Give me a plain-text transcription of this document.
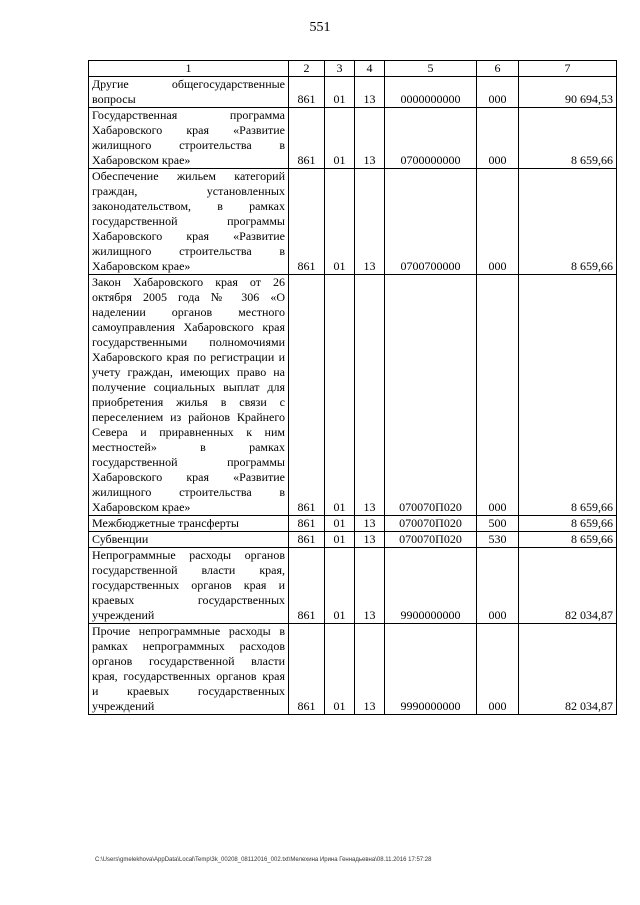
551
1	2	3	4	5	6	7

Другие общегосударственные вопросы	861	01	13	0000000000	000	90 694,53

Государственная программа Хабаровского края «Развитие жилищного строительства в Хабаровском крае»	861	01	13	0700000000	000	8 659,66

Обеспечение жильем категорий граждан, установленных законодательством, в рамках государственной программы Хабаровского края «Развитие жилищного строительства в Хабаровском крае»	861	01	13	0700700000	000	8 659,66

Закон Хабаровского края от 26 октября 2005 года № 306 «О наделении органов местного самоуправления Хабаровского края государственными полномочиями Хабаровского края по регистрации и учету граждан, имеющих право на получение социальных выплат для приобретения жилья в связи с переселением из районов Крайнего Севера и приравненных к ним местностей» в рамках государственной программы Хабаровского края «Развитие жилищного строительства в Хабаровском крае»	861	01	13	070070П020	000	8 659,66

Межбюджетные трансферты	861	01	13	070070П020	500	8 659,66

Субвенции	861	01	13	070070П020	530	8 659,66

Непрограммные расходы органов государственной власти края, государственных органов края и краевых государственных учреждений	861	01	13	9900000000	000	82 034,87

Прочие непрограммные расходы в рамках непрограммных расходов органов государственной власти края, государственных органов края и краевых государственных учреждений	861	01	13	9990000000	000	82 034,87
C:\Users\gmelekhova\AppData\Local\Temp\3k_00208_08112016_002.txt\Мелехина Ирина Геннадьевна\08.11.2016 17:57:28
